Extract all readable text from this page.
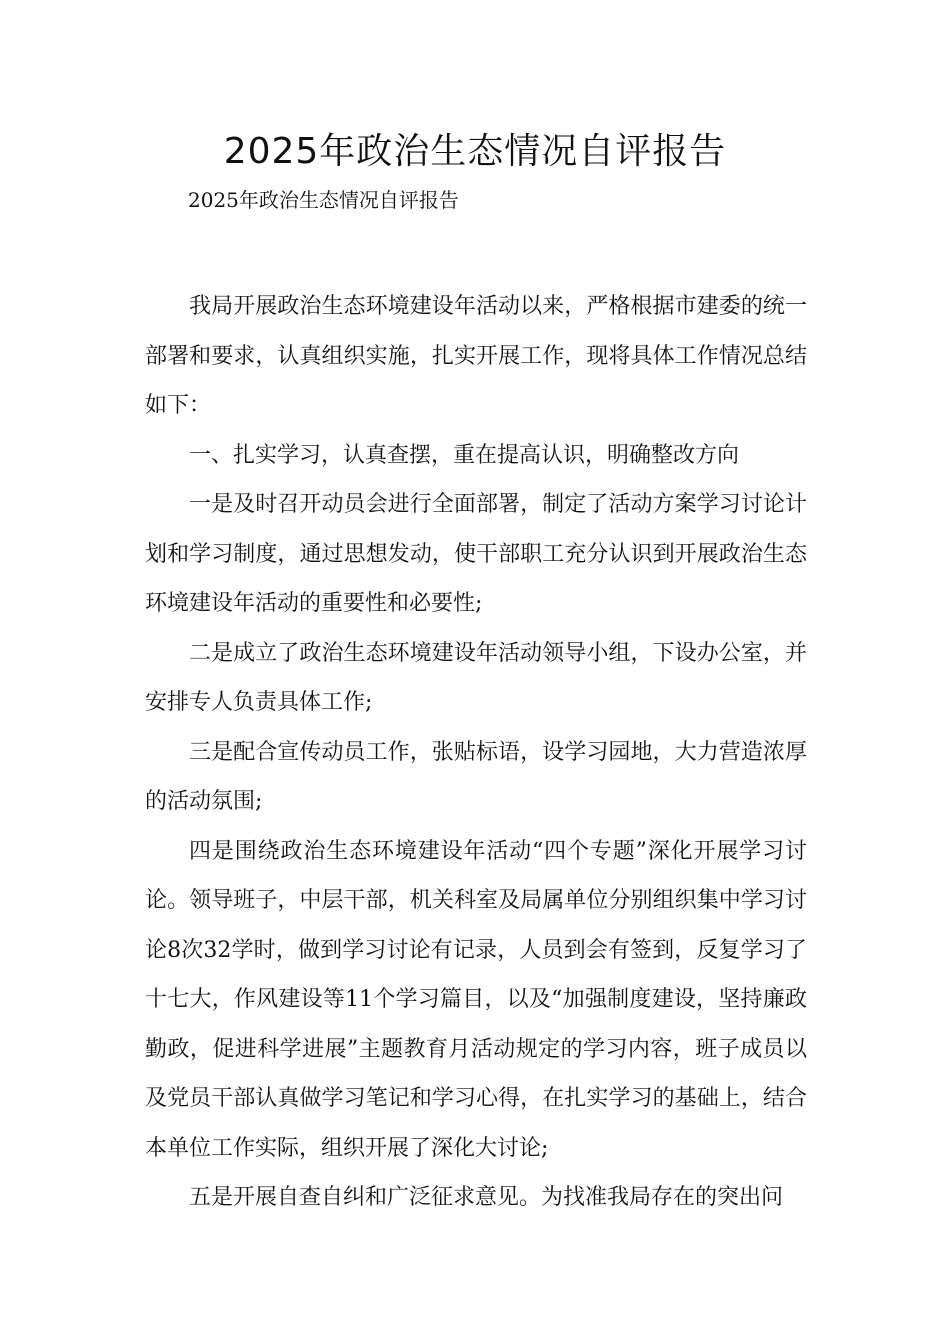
2025年政治生态情况自评报告

2025年政治生态情况自评报告

我局开展政治生态环境建设年活动以来，严格根据市建委的统一部署和要求，认真组织实施，扎实开展工作，现将具体工作情况总结如下：

一、扎实学习，认真查摆，重在提高认识，明确整改方向

一是及时召开动员会进行全面部署，制定了活动方案学习讨论计划和学习制度，通过思想发动，使干部职工充分认识到开展政治生态环境建设年活动的重要性和必要性;

二是成立了政治生态环境建设年活动领导小组，下设办公室，并安排专人负责具体工作;

三是配合宣传动员工作，张贴标语，设学习园地，大力营造浓厚的活动氛围;

四是围绕政治生态环境建设年活动“四个专题”深化开展学习讨论。领导班子，中层干部，机关科室及局属单位分别组织集中学习讨论8次32学时，做到学习讨论有记录，人员到会有签到，反复学习了十七大，作风建设等11个学习篇目，以及“加强制度建设，坚持廉政勤政，促进科学进展”主题教育月活动规定的学习内容，班子成员以及党员干部认真做学习笔记和学习心得，在扎实学习的基础上，结合本单位工作实际，组织开展了深化大讨论;

五是开展自查自纠和广泛征求意见。为找准我局存在的突出问
